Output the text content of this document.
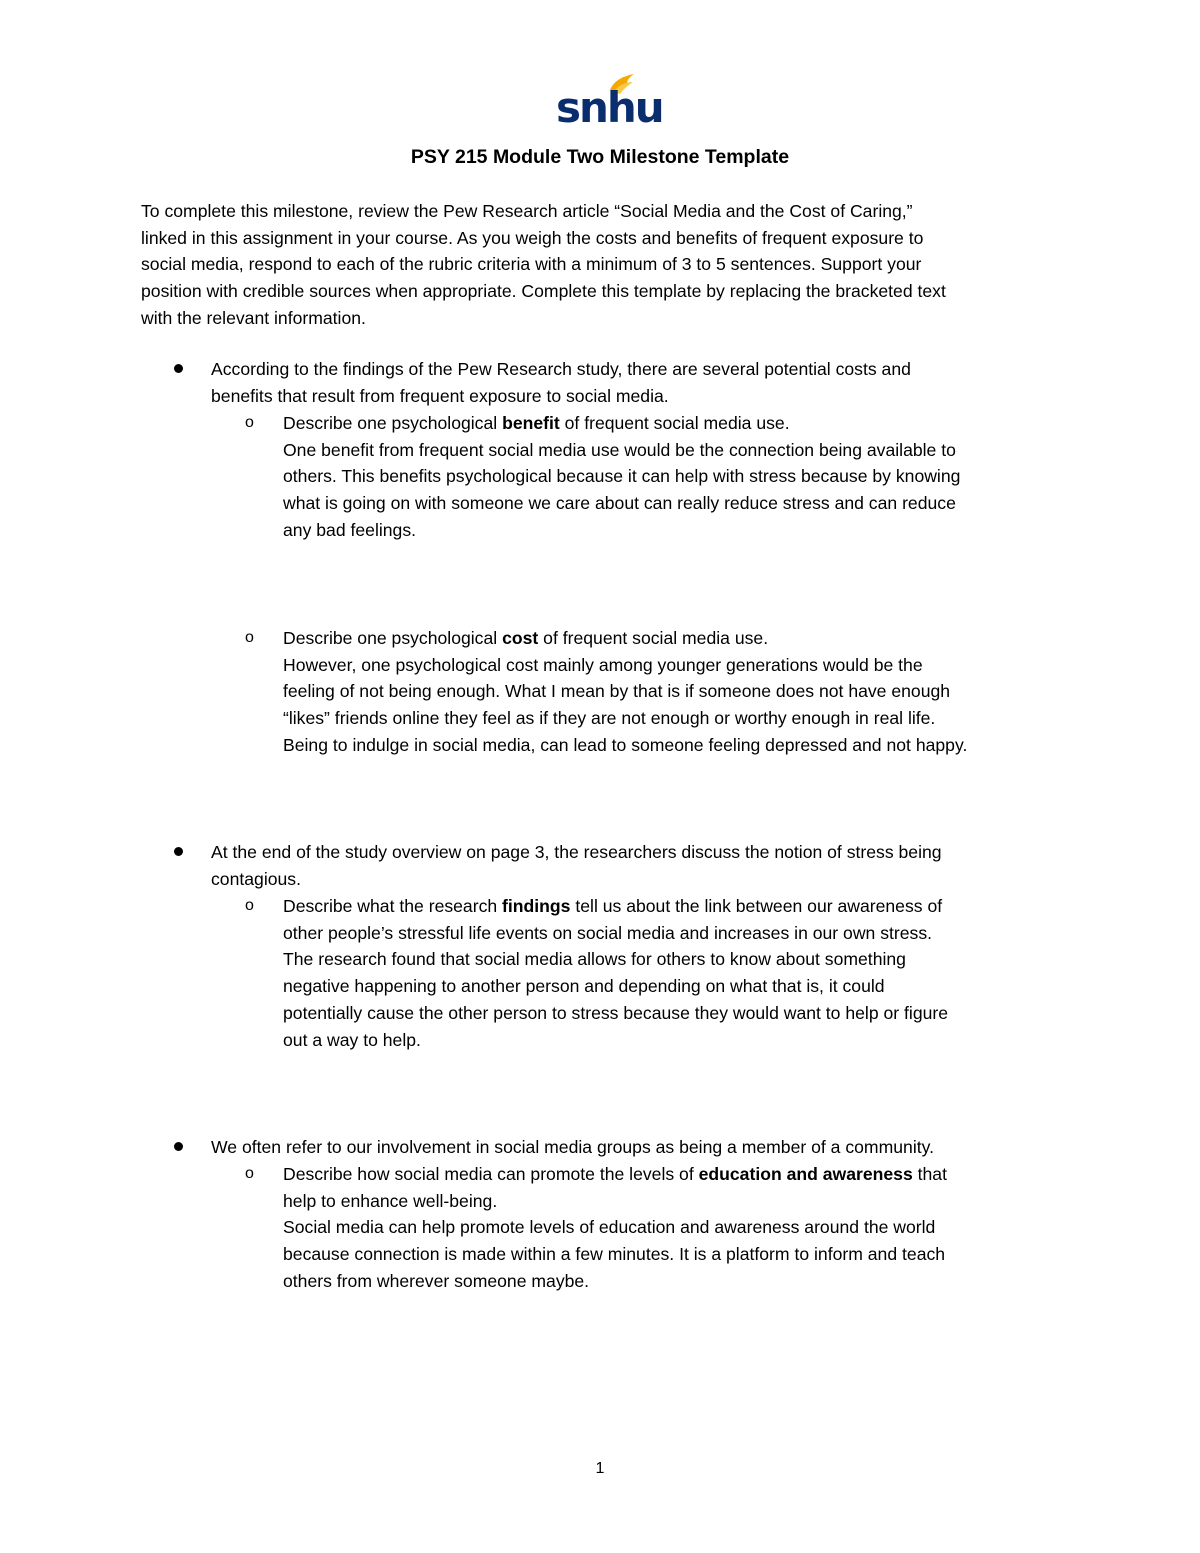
snhu
PSY 215 Module Two Milestone Template
To complete this milestone, review the Pew Research article “Social Media and the Cost of Caring,”
linked in this assignment in your course. As you weigh the costs and benefits of frequent exposure to
social media, respond to each of the rubric criteria with a minimum of 3 to 5 sentences. Support your
position with credible sources when appropriate. Complete this template by replacing the bracketed text
with the relevant information.
According to the findings of the Pew Research study, there are several potential costs and
benefits that result from frequent exposure to social media.
o Describe one psychological benefit of frequent social media use.
One benefit from frequent social media use would be the connection being available to
others. This benefits psychological because it can help with stress because by knowing
what is going on with someone we care about can really reduce stress and can reduce
any bad feelings.
o Describe one psychological cost of frequent social media use.
However, one psychological cost mainly among younger generations would be the
feeling of not being enough. What I mean by that is if someone does not have enough
“likes” friends online they feel as if they are not enough or worthy enough in real life.
Being to indulge in social media, can lead to someone feeling depressed and not happy.
At the end of the study overview on page 3, the researchers discuss the notion of stress being
contagious.
o Describe what the research findings tell us about the link between our awareness of
other people’s stressful life events on social media and increases in our own stress.
The research found that social media allows for others to know about something
negative happening to another person and depending on what that is, it could
potentially cause the other person to stress because they would want to help or figure
out a way to help.
We often refer to our involvement in social media groups as being a member of a community.
o Describe how social media can promote the levels of education and awareness that
help to enhance well-being.
Social media can help promote levels of education and awareness around the world
because connection is made within a few minutes. It is a platform to inform and teach
others from wherever someone maybe.
1
